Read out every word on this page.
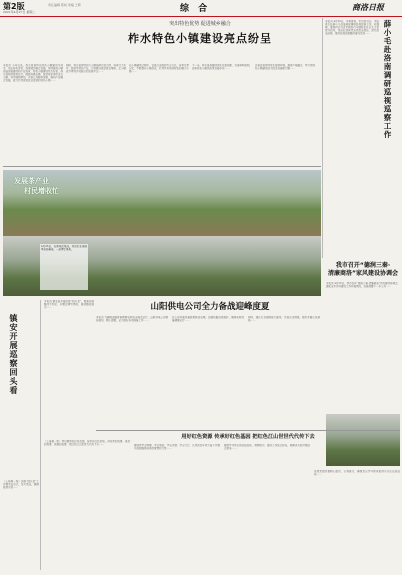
第2版
2021年4月27日 星期二
责任编辑 陈杨 审稿 王辉	综 合	商洛日报
突出特色优势 促进城乡融合
柞水特色小镇建设亮点纷呈
本报讯 今年以来，柞水县坚持以特色小镇建设为抓手，突出特色优势，促进城乡融合发展，持续推进小镇基础设施建设和产业培育，特色小镇建设亮点纷呈。柞水县坚持规划先行，围绕凤凰古镇、营盘朱家湾等重点小镇，科学编制规划，完善公共服务设施，推动产业融合发展，着力打造宜居宜业宜游的特色小镇……
同时，柞水县持续加大小镇招商引资力度，培育壮大木耳、旅游等特色产业，引导群众就近就业增收，让小镇成为带动乡村振兴的重要平台……
在小镇建设过程中，该县注重保护历史文化，传承乡愁记忆，不断提升小镇品位，打造具有地域特色的魅力小镇……
下一步，柞水县将继续深化改革创新，完善体制机制，加快特色小镇高质量发展步伐……
该县还将持续优化营商环境，推进产城融合，努力把特色小镇建设成为经济发展新引擎……	薛小毛赴洛南调研巡视巡察工作
本报讯 4月26日，市委常委、市纪委书记、市监委主任薛小毛赴洛南县调研巡视巡察工作。他强调，要坚持以习近平新时代中国特色社会主义思想为指导，坚决扛起管党治党政治责任，深化政治巡察，推动巡视巡察整改落地见效……
发展茶产业
村民增收忙
4月26日，在商州区某地，村民们在茶园里采摘春茶，一派繁忙景象。
我市召开“德润三秦·
清廉商洛”家风建设协调会
本报讯 4月26日，我市召开“德润三秦·清廉商洛”家风建设协调会，通报全市家风建设工作开展情况，安排部署下一步工作……
镇安开展巡察回头看
本报讯 镇安县开展巡察“回头看”，聚焦巡察整改不到位、问题反弹等情况，推动整改落实……	山阳供电公司全力备战迎峰度夏
本报讯 为确保迎峰度夏期间电网安全稳定运行，山阳供电公司提前谋划、精心部署，全力做好各项准备工作……
该公司开展设备隐患排查治理，加强线路巡视维护，确保电网设备健康运行……
同时，强化应急保障能力建设，完善应急预案，组织开展应急演练……
用好红色资源 传承好红色基因 把红色江山世世代代传下去
（上接第一版）我们要用好红色资源，传承好红色基因，讲好党的故事、革命的故事、英雄的故事，把红色江山世世代代传下去……	要坚持学史明理、学史增信、学史崇德、学史力行，从党的百年伟大奋斗历程中汲取继续前进的智慧和力量……
要把学习党史同总结经验、观照现实、推动工作结合起来，同解决实际问题结合起来……
各级党组织要精心组织，认真落实，确保党史学习教育取得实实在在的成效……
（上接第一版）巡察“回头看”工作要突出重点，压实责任，确保取得实效……
